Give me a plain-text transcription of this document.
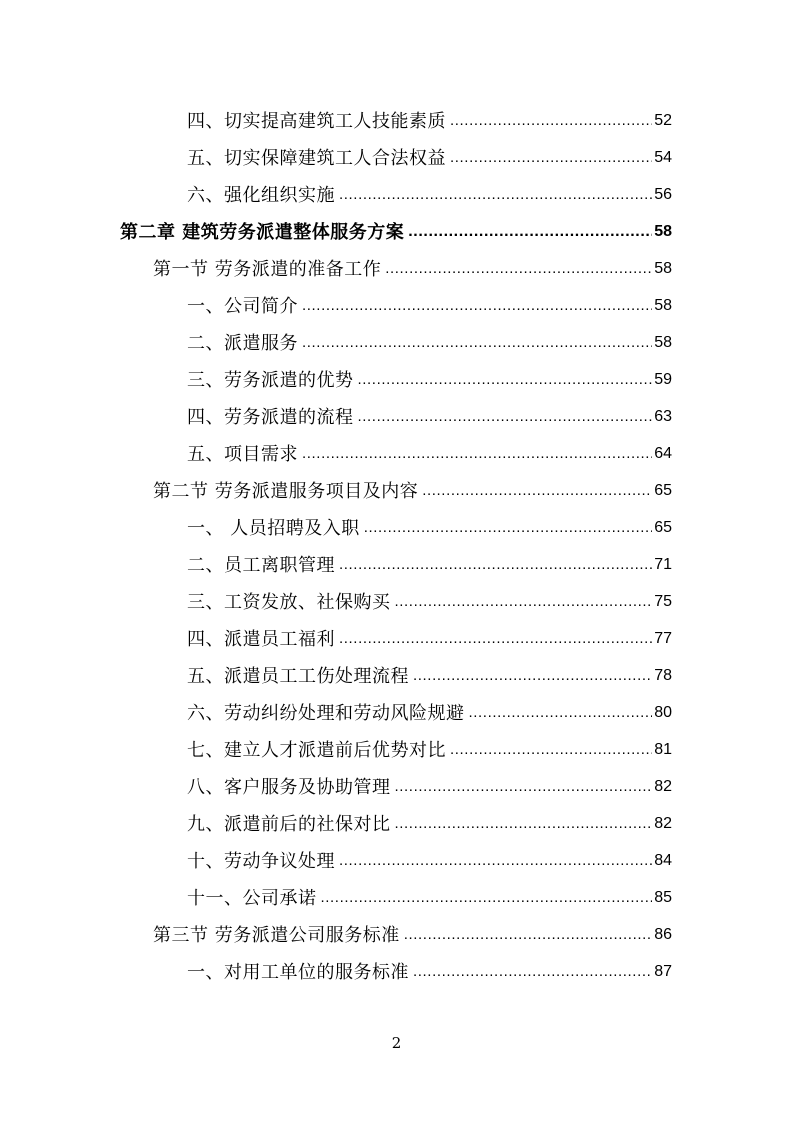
四、切实提高建筑工人技能素质 .....	52
五、切实保障建筑工人合法权益 .....	54
六、强化组织实施 .....	56
第二章 建筑劳务派遣整体服务方案 .....	58
第一节 劳务派遣的准备工作 .....	58
一、公司简介 .....	58
二、派遣服务 .....	58
三、劳务派遣的优势 .....	59
四、劳务派遣的流程 .....	63
五、项目需求 .....	64
第二节 劳务派遣服务项目及内容 .....	65
一、 人员招聘及入职 .....	65
二、员工离职管理 .....	71
三、工资发放、社保购买 .....	75
四、派遣员工福利 .....	77
五、派遣员工工伤处理流程 .....	78
六、劳动纠纷处理和劳动风险规避 .....	80
七、建立人才派遣前后优势对比 .....	81
八、客户服务及协助管理 .....	82
九、派遣前后的社保对比 .....	82
十、劳动争议处理 .....	84
十一、公司承诺 .....	85
第三节 劳务派遣公司服务标准 .....	86
一、对用工单位的服务标准 .....	87
2
